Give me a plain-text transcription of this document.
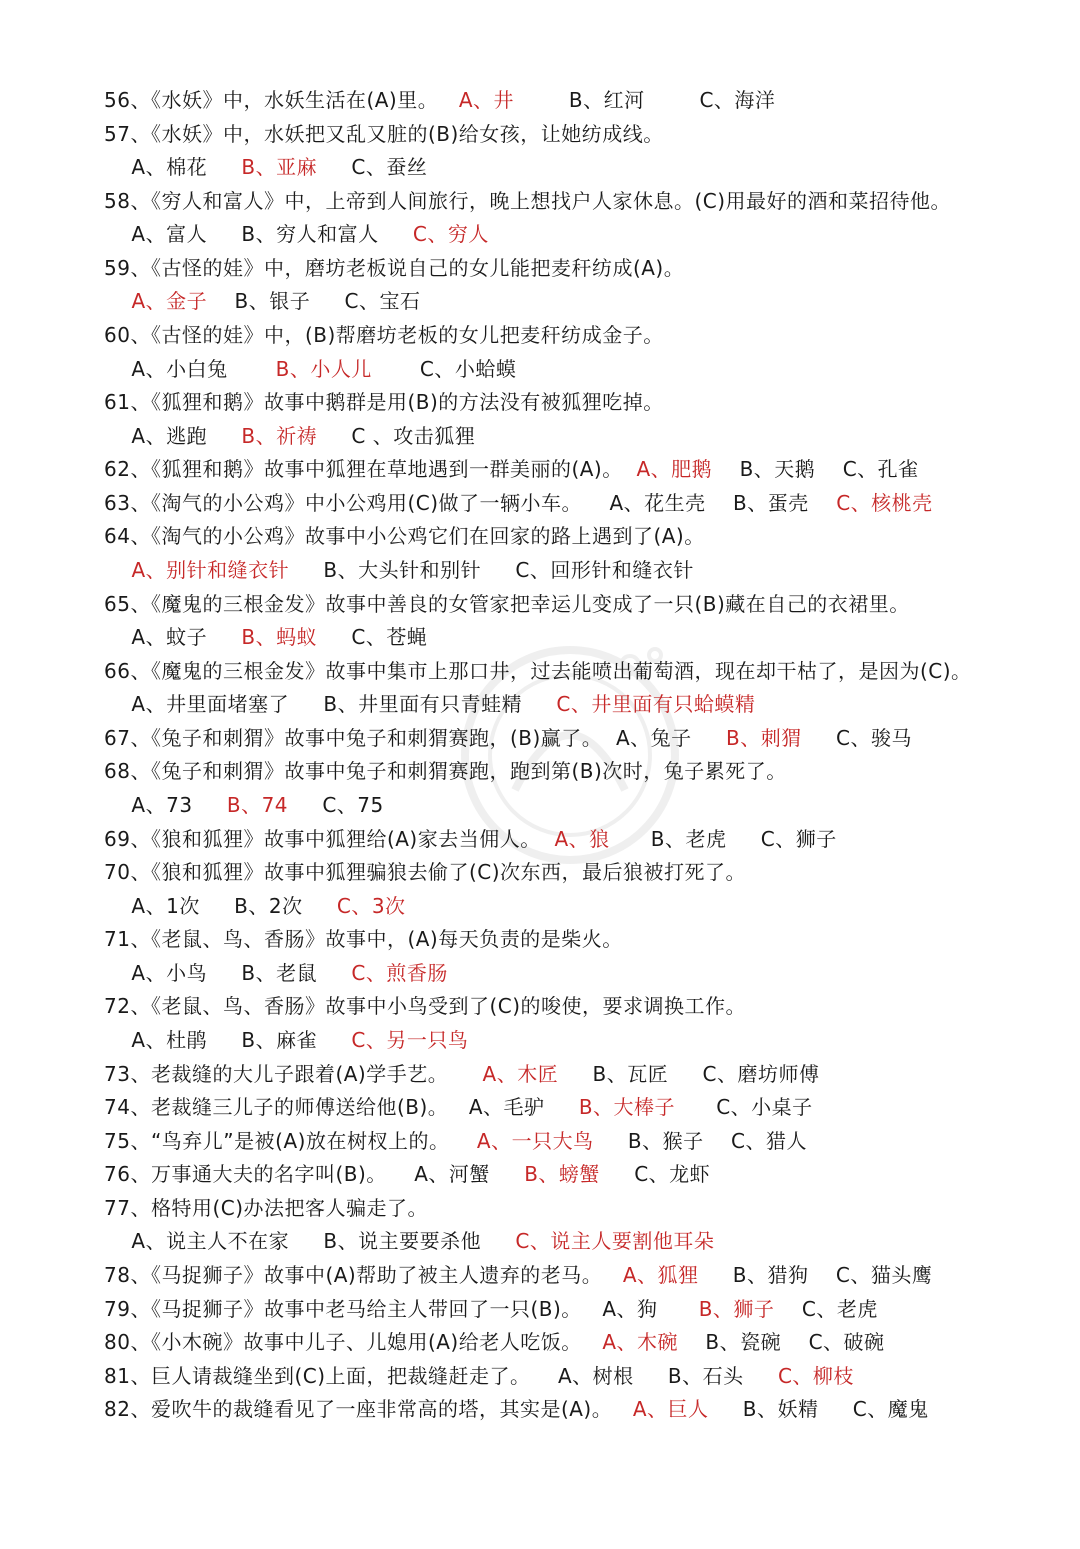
56、《水妖》中，水妖生活在(A)里。   A、井        B、红河        C、海洋
57、《水妖》中，水妖把又乱又脏的(B)给女孩，让她纺成线。
A、棉花     B、亚麻     C、蚕丝
58、《穷人和富人》中，上帝到人间旅行，晚上想找户人家休息。(C)用最好的酒和菜招待他。
A、富人     B、穷人和富人     C、穷人
59、《古怪的娃》中，磨坊老板说自己的女儿能把麦秆纺成(A)。
A、金子    B、银子     C、宝石
60、《古怪的娃》中，(B)帮磨坊老板的女儿把麦秆纺成金子。
A、小白兔       B、小人儿       C、小蛤蟆
61、《狐狸和鹅》故事中鹅群是用(B)的方法没有被狐狸吃掉。
A、逃跑     B、祈祷     C 、攻击狐狸
62、《狐狸和鹅》故事中狐狸在草地遇到一群美丽的(A)。  A、肥鹅    B、天鹅    C、孔雀
63、《淘气的小公鸡》中小公鸡用(C)做了一辆小车。    A、花生壳    B、蛋壳    C、核桃壳
64、《淘气的小公鸡》故事中小公鸡它们在回家的路上遇到了(A)。
A、别针和缝衣针     B、大头针和别针     C、回形针和缝衣针
65、《魔鬼的三根金发》故事中善良的女管家把幸运儿变成了一只(B)藏在自己的衣裙里。
A、蚊子     B、蚂蚁     C、苍蝇
66、《魔鬼的三根金发》故事中集市上那口井，过去能喷出葡萄酒，现在却干枯了，是因为(C)。
A、井里面堵塞了     B、井里面有只青蛙精     C、井里面有只蛤蟆精
67、《兔子和刺猬》故事中兔子和刺猬赛跑，(B)赢了。  A、兔子     B、刺猬     C、骏马
68、《兔子和刺猬》故事中兔子和刺猬赛跑，跑到第(B)次时，兔子累死了。
A、73     B、74     C、75
69、《狼和狐狸》故事中狐狸给(A)家去当佣人。  A、狼      B、老虎     C、狮子
70、《狼和狐狸》故事中狐狸骗狼去偷了(C)次东西，最后狼被打死了。
A、1次     B、2次     C、3次
71、《老鼠、鸟、香肠》故事中，(A)每天负责的是柴火。
A、小鸟     B、老鼠     C、煎香肠
72、《老鼠、鸟、香肠》故事中小鸟受到了(C)的唆使，要求调换工作。
A、杜鹃     B、麻雀     C、另一只鸟
73、老裁缝的大儿子跟着(A)学手艺。     A、木匠     B、瓦匠     C、磨坊师傅
74、老裁缝三儿子的师傅送给他(B)。   A、毛驴     B、大棒子      C、小桌子
75、“鸟弃儿”是被(A)放在树杈上的。    A、一只大鸟     B、猴子    C、猎人
76、万事通大夫的名字叫(B)。    A、河蟹     B、螃蟹     C、龙虾
77、格特用(C)办法把客人骗走了。
A、说主人不在家     B、说主要要杀他     C、说主人要割他耳朵
78、《马捉狮子》故事中(A)帮助了被主人遗弃的老马。   A、狐狸     B、猎狗    C、猫头鹰
79、《马捉狮子》故事中老马给主人带回了一只(B)。   A、狗      B、狮子    C、老虎
80、《小木碗》故事中儿子、儿媳用(A)给老人吃饭。   A、木碗    B、瓷碗    C、破碗
81、巨人请裁缝坐到(C)上面，把裁缝赶走了。    A、树根     B、石头     C、柳枝
82、爱吹牛的裁缝看见了一座非常高的塔，其实是(A)。   A、巨人     B、妖精     C、魔鬼
